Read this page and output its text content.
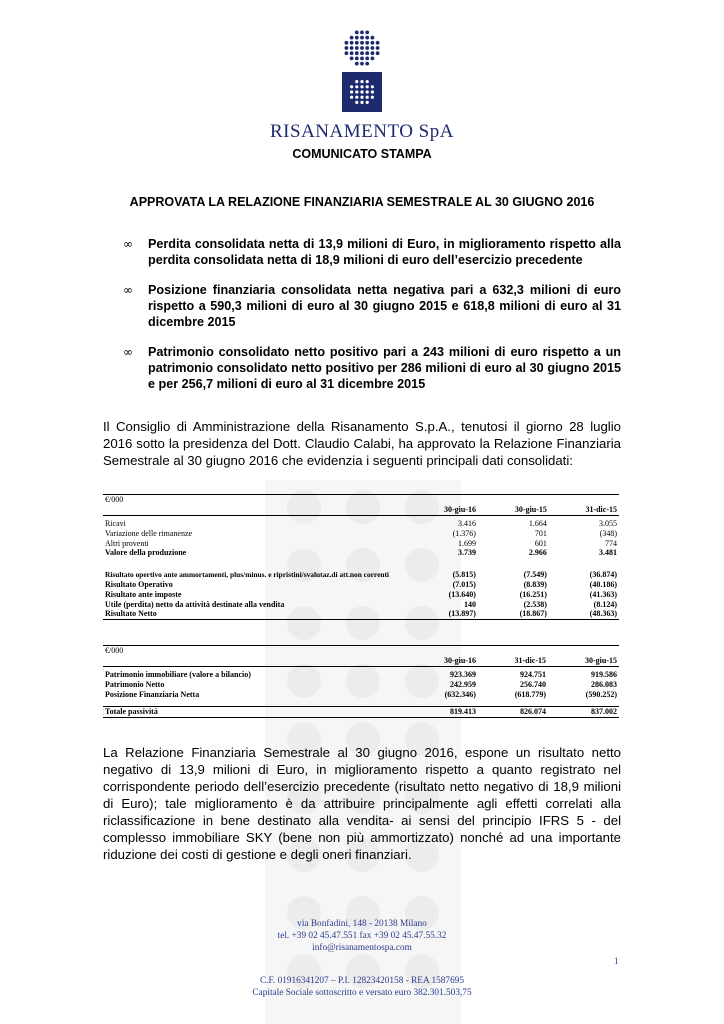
RISANAMENTO SpA
COMUNICATO STAMPA
APPROVATA LA RELAZIONE FINANZIARIA SEMESTRALE AL 30 GIUGNO 2016
∞ Perdita consolidata netta di 13,9 milioni di Euro, in miglioramento rispetto alla perdita consolidata netta di 18,9 milioni di euro dell’esercizio precedente
∞ Posizione finanziaria consolidata netta negativa pari a 632,3 milioni di euro rispetto a 590,3 milioni di euro al 30 giugno 2015 e 618,8 milioni di euro al 31 dicembre 2015
∞ Patrimonio consolidato netto positivo pari a 243 milioni di euro rispetto a un patrimonio consolidato netto positivo per 286 milioni di euro al 30 giugno 2015 e per 256,7 milioni di euro al 31 dicembre 2015
Il Consiglio di Amministrazione della Risanamento S.p.A., tenutosi il giorno 28 luglio 2016 sotto la presidenza del Dott. Claudio Calabi, ha approvato la Relazione Finanziaria Semestrale al 30 giugno 2016 che evidenzia i seguenti principali dati consolidati:
€/000	30-giu-16	30-giu-15	31-dic-15

Ricavi	3.416	1.664	3.055
Variazione delle rimanenze	(1.376)	701	(348)
Altri proventi	1.699	601	774
Valore della produzione	3.739	2.966	3.481

Risultato opertivo ante ammortamenti, plus/minus. e ripristini/svalutaz.di att.non correnti	(5.815)	(7.549)	(36.874)
Risultato Operativo	(7.015)	(8.839)	(40.186)
Risultato ante imposte	(13.640)	(16.251)	(41.363)
Utile (perdita) netto da attività destinate alla vendita	140	(2.538)	(8.124)
Risultato Netto	(13.897)	(18.867)	(48.363)
€/000	30-giu-16	31-dic-15	30-giu-15

Patrimonio immobiliare (valore a bilancio)	923.369	924.751	919.586
Patrimonio Netto	242.959	256.740	286.083
Posizione Finanziaria Netta	(632.346)	(618.779)	(590.252)

Totale passività	819.413	826.074	837.002
La Relazione Finanziaria Semestrale al 30 giugno 2016, espone un risultato netto negativo di 13,9 milioni di Euro, in miglioramento rispetto a quanto registrato nel corrispondente periodo dell’esercizio precedente (risultato netto negativo di 18,9 milioni di Euro); tale miglioramento è da attribuire principalmente agli effetti correlati alla riclassificazione in bene destinato alla vendita- ai sensi del principio IFRS 5 - del complesso immobiliare SKY (bene non più ammortizzato) nonché ad una importante riduzione dei costi di gestione e degli oneri finanziari.
via Bonfadini, 148 - 20138 Milano
tel. +39 02 45.47.551 fax +39 02 45.47.55.32
info@risanamentospa.com
1
C.F. 01916341207 – P.I. 12823420158 - REA 1587695
Capitale Sociale sottoscritto e versato euro 382.301.503,75
